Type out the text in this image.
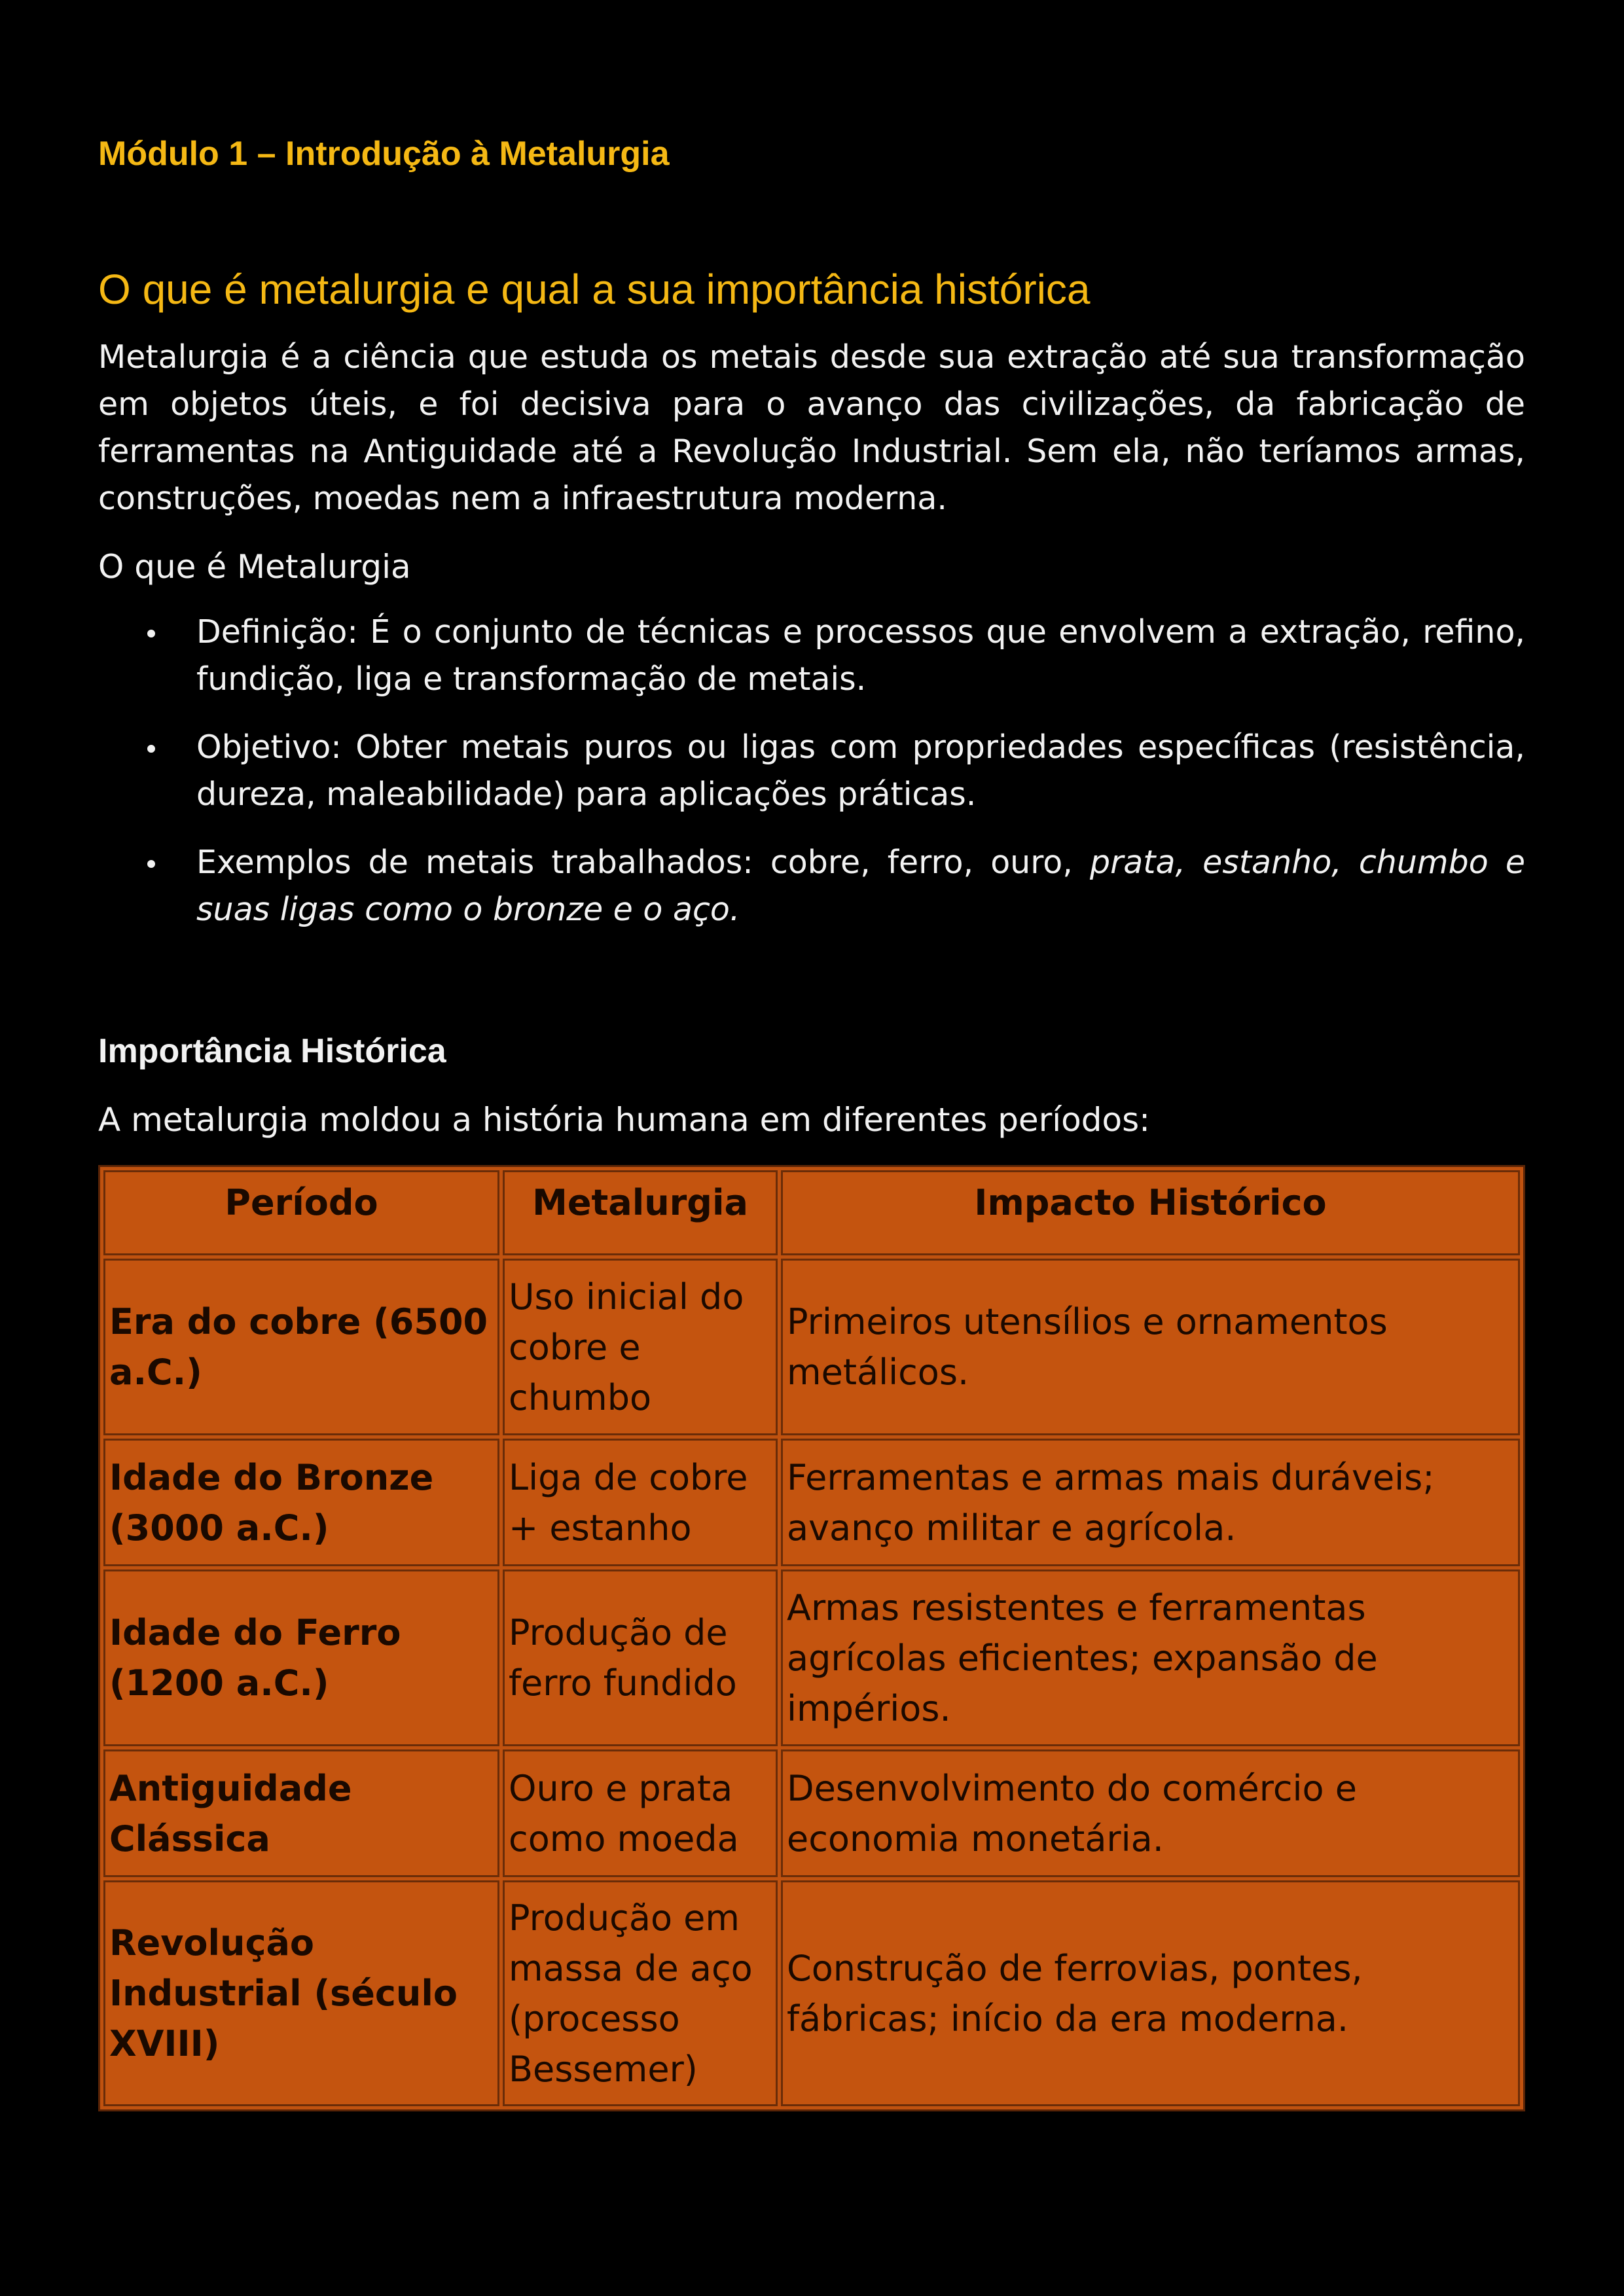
Módulo 1 – Introdução à Metalurgia
O que é metalurgia e qual a sua importância histórica

Metalurgia é a ciência que estuda os metais desde sua extração até sua transformação em objetos úteis, e foi decisiva para o avanço das civilizações, da fabricação de ferramentas na Antiguidade até a Revolução Industrial. Sem ela, não teríamos armas, construções, moedas nem a infraestrutura moderna.

O que é Metalurgia

Definição: É o conjunto de técnicas e processos que envolvem a extração, refino, fundição, liga e transformação de metais.
Objetivo: Obter metais puros ou ligas com propriedades específicas (resistência, dureza, maleabilidade) para aplicações práticas.
Exemplos de metais trabalhados: cobre, ferro, ouro, prata, estanho, chumbo e suas ligas como o bronze e o aço.

Importância Histórica

A metalurgia moldou a história humana em diferentes períodos:

Período	Metalurgia	Impacto Histórico
Era do cobre (6500 a.C.)	Uso inicial do cobre e chumbo	Primeiros utensílios e ornamentos metálicos.
Idade do Bronze (3000 a.C.)	Liga de cobre + estanho	Ferramentas e armas mais duráveis; avanço militar e agrícola.
Idade do Ferro (1200 a.C.)	Produção de ferro fundido	Armas resistentes e ferramentas agrícolas eficientes; expansão de impérios.
Antiguidade Clássica	Ouro e prata como moeda	Desenvolvimento do comércio e economia monetária.
Revolução Industrial (século XVIII)	Produção em massa de aço (processo Bessemer)	Construção de ferrovias, pontes, fábricas; início da era moderna.
